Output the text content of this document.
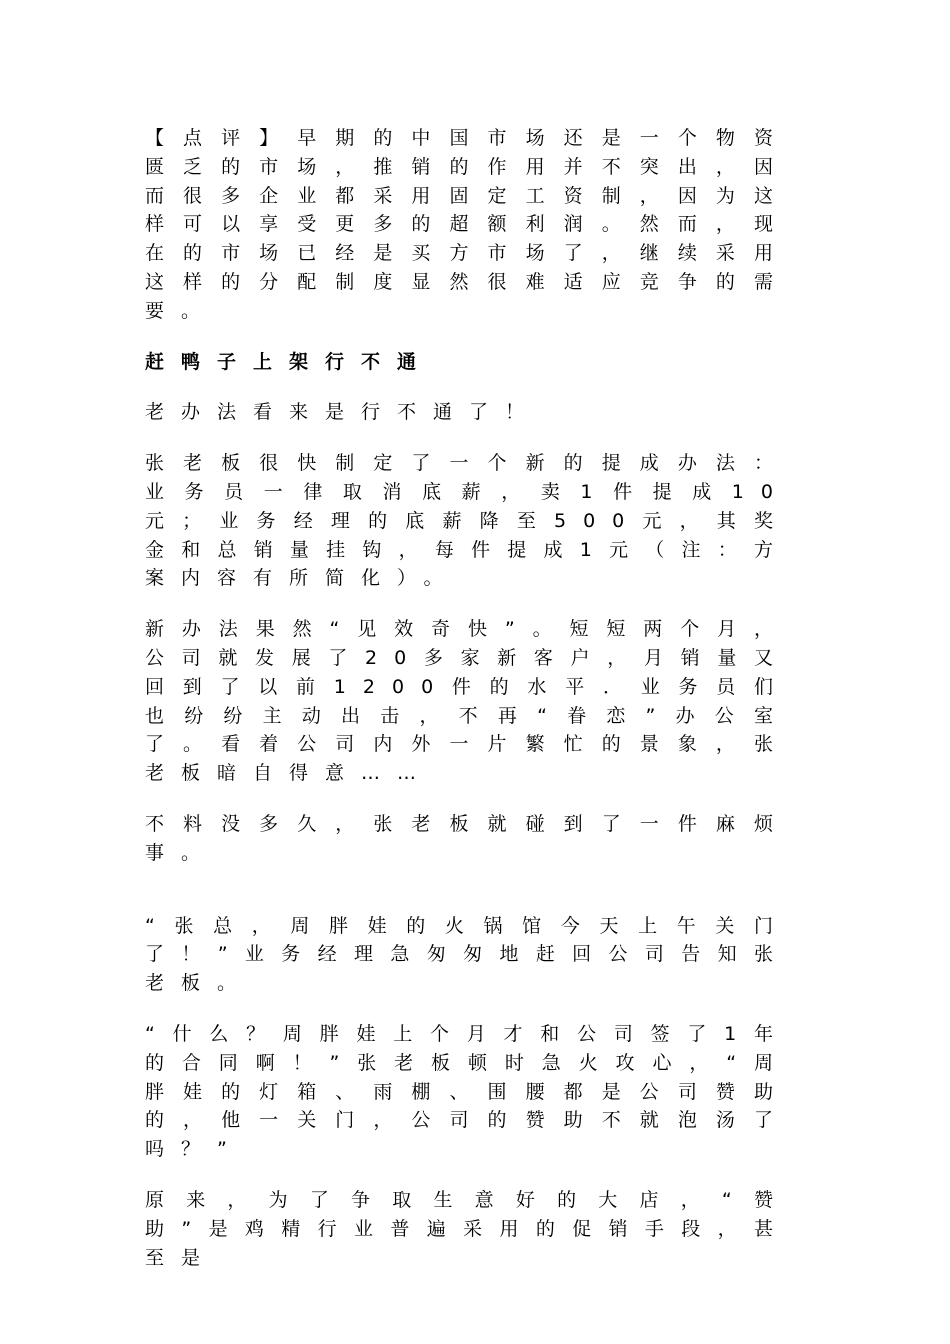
【点评】早期的中国市场还是一个物资匮乏的市场，推销的作用并不突出，因而很多企业都采用固定工资制，因为这样可以享受更多的超额利润。然而，现在的市场已经是买方市场了，继续采用这样的分配制度显然很难适应竞争的需要。

赶鸭子上架行不通

老办法看来是行不通了！

张老板很快制定了一个新的提成办法：业务员一律取消底薪，卖1件提成10元；业务经理的底薪降至500元，其奖金和总销量挂钩，每件提成1元（注：方案内容有所简化）。

新办法果然“见效奇快”。短短两个月，公司就发展了20多家新客户，月销量又回到了以前1200件的水平．业务员们也纷纷主动出击，不再“眷恋”办公室了。看着公司内外一片繁忙的景象，张老板暗自得意……

不料没多久，张老板就碰到了一件麻烦事。

“张总，周胖娃的火锅馆今天上午关门了！”业务经理急匆匆地赶回公司告知张老板。

“什么？周胖娃上个月才和公司签了1年的合同啊！”张老板顿时急火攻心，“周胖娃的灯箱、雨棚、围腰都是公司赞助的，他一关门，公司的赞助不就泡汤了吗？”

原来，为了争取生意好的大店，“赞助”是鸡精行业普遍采用的促销手段，甚至是
